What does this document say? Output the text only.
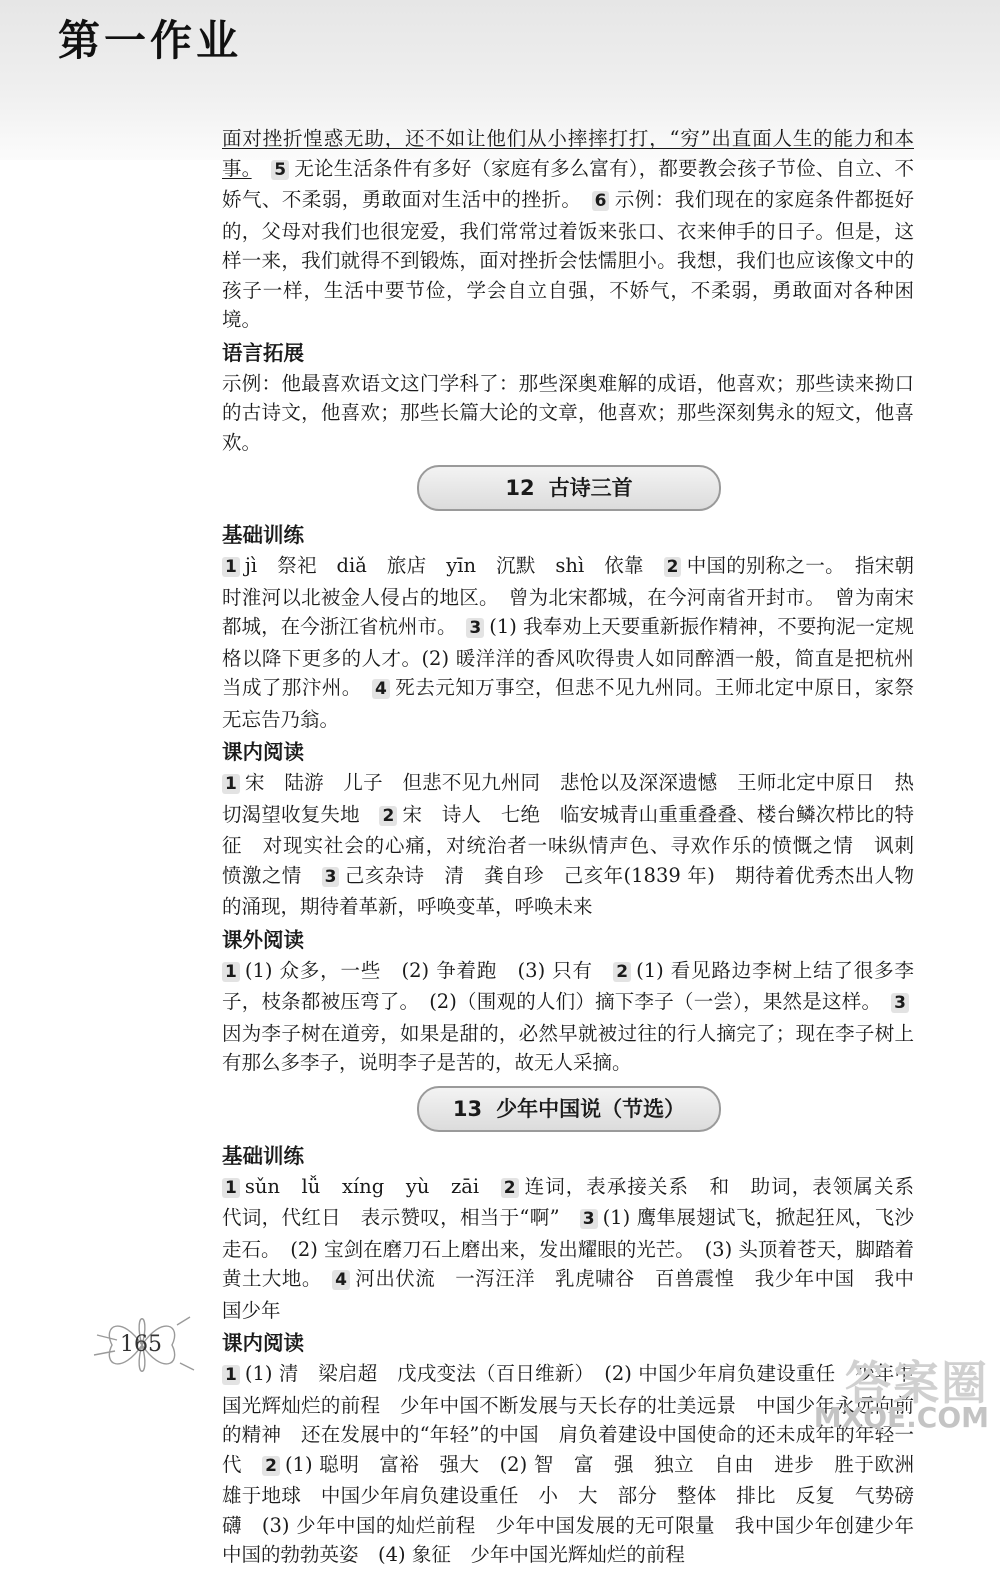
第一作业

面对挫折惶惑无助，还不如让他们从小摔摔打打，“穷”出直面人生的能力和本事。　 5 无论生活条件有多好（家庭有多么富有），都要教会孩子节俭、自立、不娇气、不柔弱，勇敢面对生活中的挫折。　 6 示例：我们现在的家庭条件都挺好的，父母对我们也很宠爱，我们常常过着饭来张口、衣来伸手的日子。但是，这样一来，我们就得不到锻炼，面对挫折会怯懦胆小。我想，我们也应该像文中的孩子一样，生活中要节俭，学会自立自强，不娇气，不柔弱，勇敢面对各种困境。　

语言拓展

示例：他最喜欢语文这门学科了：那些深奥难解的成语，他喜欢；那些读来拗口的古诗文，他喜欢；那些长篇大论的文章，他喜欢；那些深刻隽永的短文，他喜欢。

12 古诗三首
基础训练

1 jì　祭祀　diǎ　旅店　yīn　沉默　shì　依靠　 2 中国的别称之一。　指宋朝时淮河以北被金人侵占的地区。　曾为北宋都城，在今河南省开封市。　曾为南宋都城，在今浙江省杭州市。　 3 (1) 我奉劝上天要重新振作精神，不要拘泥一定规格以降下更多的人才。(2) 暖洋洋的香风吹得贵人如同醉酒一般，简直是把杭州当成了那汴州。　 4 死去元知万事空，但悲不见九州同。王师北定中原日，家祭无忘告乃翁。　

课内阅读

1 宋　陆游　儿子　但悲不见九州同　悲怆以及深深遗憾　王师北定中原日　热切渴望收复失地　 2 宋　诗人　七绝　临安城青山重重叠叠、楼台鳞次栉比的特征　对现实社会的心痛，对统治者一味纵情声色、寻欢作乐的愤慨之情　讽刺　愤激之情　 3 己亥杂诗　清　龚自珍　己亥年(1839 年)　期待着优秀杰出人物的涌现，期待着革新，呼唤变革，呼唤未来　

课外阅读

1 (1) 众多，一些　(2) 争着跑　(3) 只有　 2 (1) 看见路边李树上结了很多李子，枝条都被压弯了。　(2)（围观的人们）摘下李子（一尝），果然是这样。　 3因为李子树在道旁，如果是甜的，必然早就被过往的行人摘完了；现在李子树上有那么多李子，说明李子是苦的，故无人采摘。　

13 少年中国说（节选）
基础训练

1 sǔn　lǚ　xíng　yù　zāi　 2 连词，表承接关系　和　助词，表领属关系　代词，代红日　表示赞叹，相当于“啊”　 3 (1) 鹰隼展翅试飞，掀起狂风，飞沙走石。　(2) 宝剑在磨刀石上磨出来，发出耀眼的光芒。　(3) 头顶着苍天，脚踏着黄土大地。　 4 河出伏流　一泻汪洋　乳虎啸谷　百兽震惶　我少年中国　我中国少年　

课内阅读

1 (1) 清　梁启超　戊戌变法（百日维新）　(2) 中国少年肩负建设重任　少年中国光辉灿烂的前程　少年中国不断发展与天长存的壮美远景　中国少年永远向前的精神　还在发展中的“年轻”的中国　肩负着建设中国使命的还未成年的年轻一代　 2 (1) 聪明　富裕　强大　(2) 智　富　强　独立　自由　进步　胜于欧洲　雄于地球　中国少年肩负建设重任　小　大　部分　整体　排比　反复　气势磅礴　(3) 少年中国的灿烂前程　少年中国发展的无可限量　我中国少年创建少年中国的勃勃英姿　(4) 象征　少年中国光辉灿烂的前程　

165
答案圈
MXQE.COM
